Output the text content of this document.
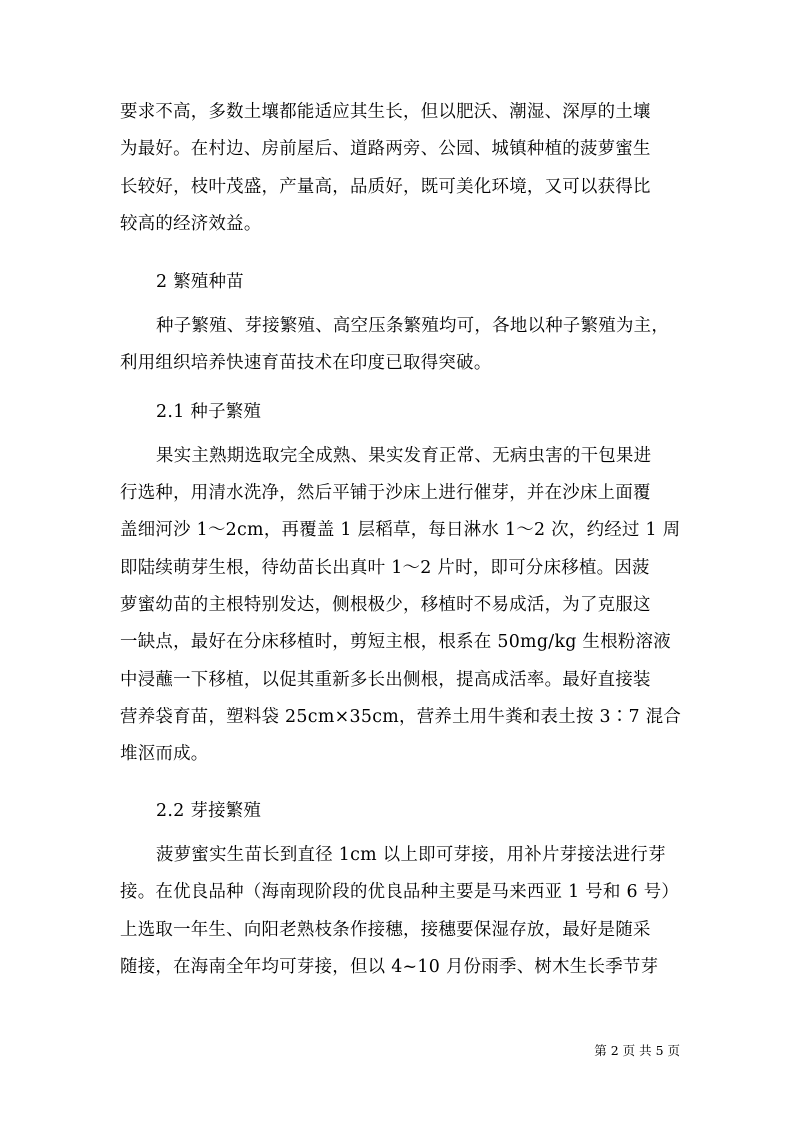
要求不高，多数土壤都能适应其生长，但以肥沃、潮湿、深厚的土壤
为最好。在村边、房前屋后、道路两旁、公园、城镇种植的菠萝蜜生
长较好，枝叶茂盛，产量高，品质好，既可美化环境，又可以获得比
较高的经济效益。
2 繁殖种苗
种子繁殖、芽接繁殖、高空压条繁殖均可，各地以种子繁殖为主，
利用组织培养快速育苗技术在印度已取得突破。
2.1 种子繁殖
果实主熟期选取完全成熟、果实发育正常、无病虫害的干包果进
行选种，用清水洗净，然后平铺于沙床上进行催芽，并在沙床上面覆
盖细河沙 1～2cm，再覆盖 1 层稻草，每日淋水 1～2 次，约经过 1 周
即陆续萌芽生根，待幼苗长出真叶 1～2 片时，即可分床移植。因菠
萝蜜幼苗的主根特别发达，侧根极少，移植时不易成活，为了克服这
一缺点，最好在分床移植时，剪短主根，根系在 50mg/kg 生根粉溶液
中浸蘸一下移植，以促其重新多长出侧根，提高成活率。最好直接装
营养袋育苗，塑料袋 25cm×35cm，营养土用牛粪和表土按 3∶7 混合
堆沤而成。
2.2 芽接繁殖
菠萝蜜实生苗长到直径 1cm 以上即可芽接，用补片芽接法进行芽
接。在优良品种（海南现阶段的优良品种主要是马来西亚 1 号和 6 号）
上选取一年生、向阳老熟枝条作接穗，接穗要保湿存放，最好是随采
随接，在海南全年均可芽接，但以 4~10 月份雨季、树木生长季节芽
第 2 页 共 5 页
